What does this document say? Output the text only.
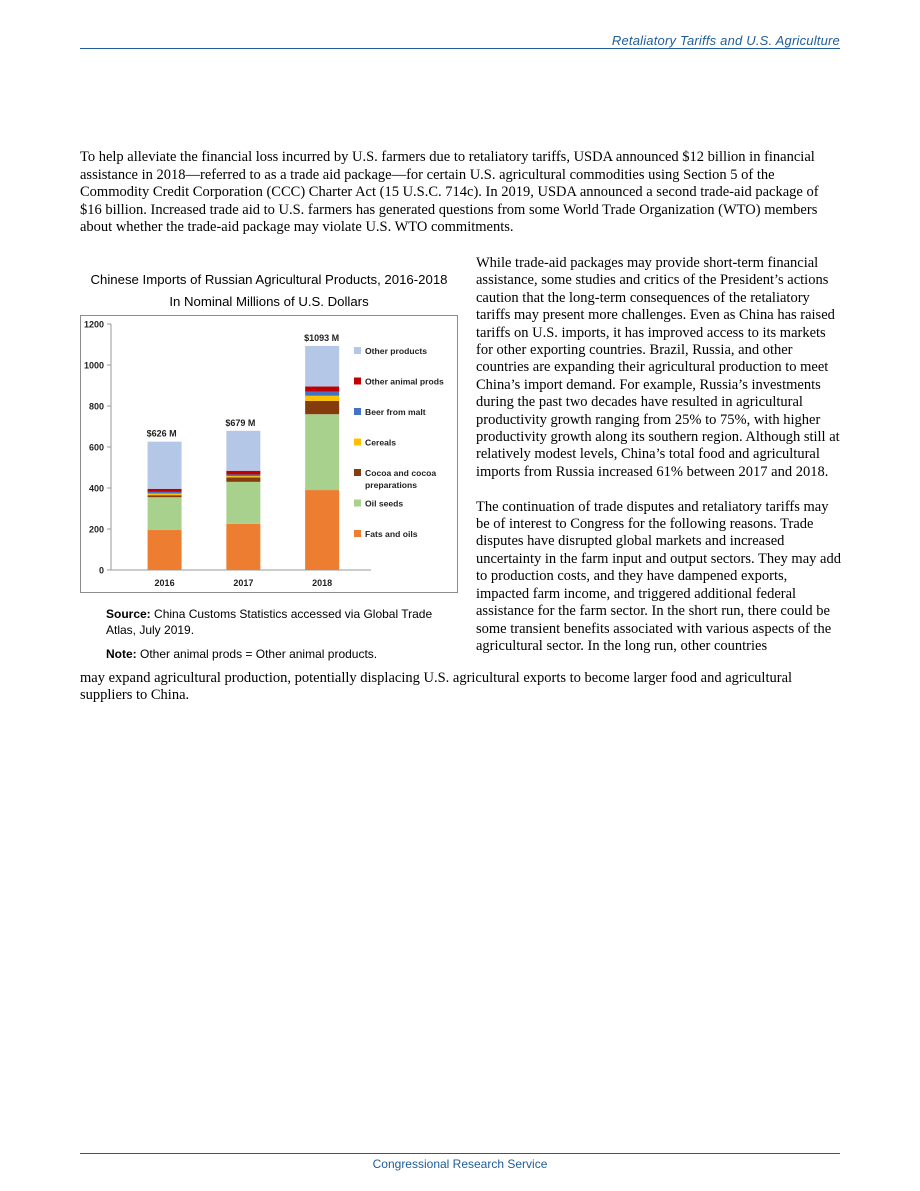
Retaliatory Tariffs and U.S. Agriculture

To help alleviate the financial loss incurred by U.S. farmers due to retaliatory tariffs, USDA announced $12 billion in financial assistance in 2018—referred to as a trade aid package—for certain U.S. agricultural commodities using Section 5 of the Commodity Credit Corporation (CCC) Charter Act (15 U.S.C. 714c). In 2019, USDA announced a second trade-aid package of $16 billion. Increased trade aid to U.S. farmers has generated questions from some World Trade Organization (WTO) members about whether the trade-aid package may violate U.S. WTO commitments.

Chinese Imports of Russian Agricultural Products, 2016-2018
In Nominal Millions of U.S. Dollars
$626 M
$679 M
$1093 M
0
200
400
600
800
1000
1200
2016	2017	2018
Other products
Other animal prods
Beer from malt
Cereals
Cocoa and cocoa
preparations
Oil seeds
Fats and oils
Source: China Customs Statistics accessed via Global Trade Atlas, July 2019.
Note: Other animal prods = Other animal products.

While trade-aid packages may provide short-term financial assistance, some studies and critics of the President’s actions caution that the long-term consequences of the retaliatory tariffs may present more challenges. Even as China has raised tariffs on U.S. imports, it has improved access to its markets for other exporting countries. Brazil, Russia, and other countries are expanding their agricultural production to meet China’s import demand. For example, Russia’s investments during the past two decades have resulted in agricultural productivity growth ranging from 25% to 75%, with higher productivity growth along its southern region. Although still at relatively modest levels, China’s total food and agricultural imports from Russia increased 61% between 2017 and 2018.

The continuation of trade disputes and retaliatory tariffs may be of interest to Congress for the following reasons. Trade disputes have disrupted global markets and increased uncertainty in the farm input and output sectors. They may add to production costs, and they have dampened exports, impacted farm income, and triggered additional federal assistance for the farm sector. In the short run, there could be some transient benefits associated with various aspects of the agricultural sector. In the long run, other countries

may expand agricultural production, potentially displacing U.S. agricultural exports to become larger food and agricultural suppliers to China.

Congressional Research Service
